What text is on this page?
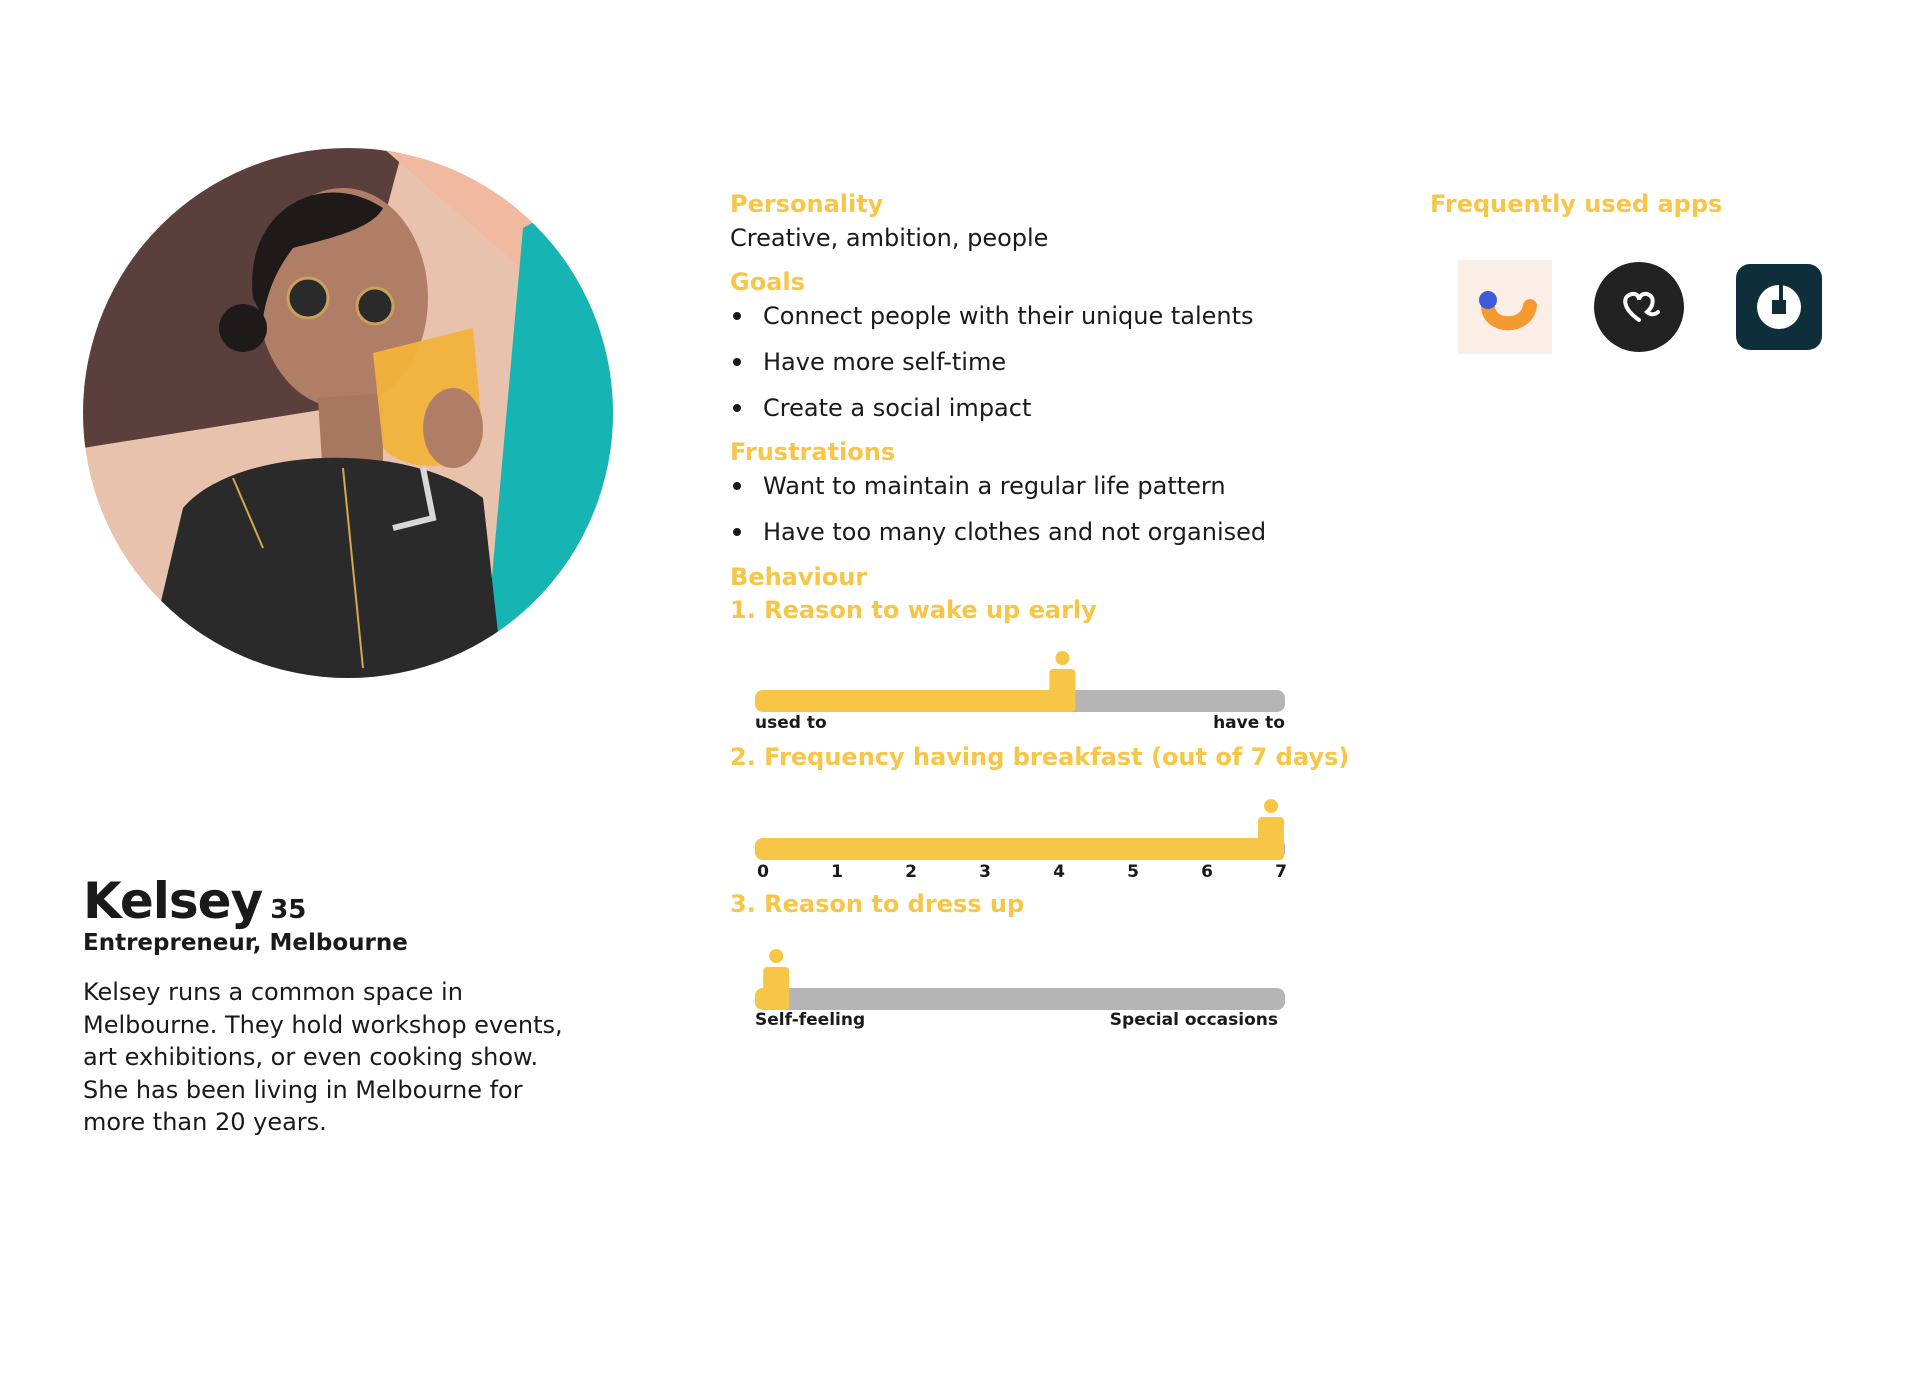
Kelsey 35
Entrepreneur, Melbourne
Kelsey runs a common space in Melbourne. They hold workshop events, art exhibitions, or even cooking show. She has been living in Melbourne for more than 20 years.
Personality
Creative, ambition, people
Goals
Connect people with their unique talents
Have more self-time
Create a social impact
Frustrations
Want to maintain a regular life pattern
Have too many clothes and not organised
Behaviour
1. Reason to wake up early
used to	have to
2. Frequency having breakfast (out of 7 days)
0	1	2	3	4	5	6	7
3. Reason to dress up
Self-feeling	Special occasions
Frequently used apps
